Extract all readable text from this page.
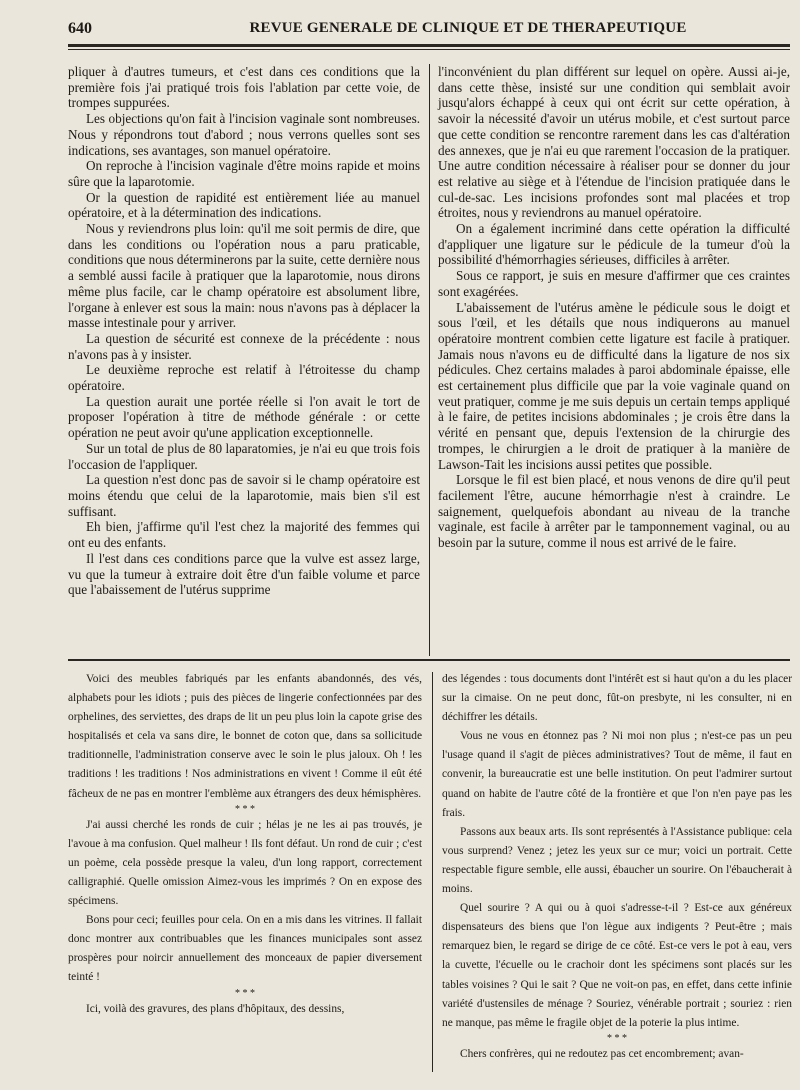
640	REVUE GENERALE DE CLINIQUE ET DE THERAPEUTIQUE

pliquer à d'autres tumeurs, et c'est dans ces conditions que la première fois j'ai pratiqué trois fois l'ablation par cette voie, de trompes suppurées.

Les objections qu'on fait à l'incision vaginale sont nombreuses. Nous y répondrons tout d'abord ; nous verrons quelles sont ses indications, ses avantages, son manuel opératoire.

On reproche à l'incision vaginale d'être moins rapide et moins sûre que la laparotomie.

Or la question de rapidité est entièrement liée au manuel opératoire, et à la détermination des indications.

Nous y reviendrons plus loin: qu'il me soit permis de dire, que dans les conditions ou l'opération nous a paru praticable, conditions que nous déterminerons par la suite, cette dernière nous a semblé aussi facile à pratiquer que la laparotomie, nous dirons même plus facile, car le champ opératoire est absolument libre, l'organe à enlever est sous la main: nous n'avons pas à déplacer la masse intestinale pour y arriver.

La question de sécurité est connexe de la précédente : nous n'avons pas à y insister.

Le deuxième reproche est relatif à l'étroitesse du champ opératoire.

La question aurait une portée réelle si l'on avait le tort de proposer l'opération à titre de méthode générale : or cette opération ne peut avoir qu'une application exceptionnelle.

Sur un total de plus de 80 laparatomies, je n'ai eu que trois fois l'occasion de l'appliquer.

La question n'est donc pas de savoir si le champ opératoire est moins étendu que celui de la laparotomie, mais bien s'il est suffisant.

Eh bien, j'affirme qu'il l'est chez la majorité des femmes qui ont eu des enfants.

Il l'est dans ces conditions parce que la vulve est assez large, vu que la tumeur à extraire doit être d'un faible volume et parce que l'abaissement de l'utérus supprime

l'inconvénient du plan différent sur lequel on opère. Aussi ai-je, dans cette thèse, insisté sur une condition qui semblait avoir jusqu'alors échappé à ceux qui ont écrit sur cette opération, à savoir la nécessité d'avoir un utérus mobile, et c'est surtout parce que cette condition se rencontre rarement dans les cas d'altération des annexes, que je n'ai eu que rarement l'occasion de la pratiquer. Une autre condition nécessaire à réaliser pour se donner du jour est relative au siège et à l'étendue de l'incision pratiquée dans le cul-de-sac. Les incisions profondes sont mal placées et trop étroites, nous y reviendrons au manuel opératoire.

On a également incriminé dans cette opération la difficulté d'appliquer une ligature sur le pédicule de la tumeur d'où la possibilité d'hémorrhagies sérieuses, difficiles à arrêter.

Sous ce rapport, je suis en mesure d'affirmer que ces craintes sont exagérées.

L'abaissement de l'utérus amène le pédicule sous le doigt et sous l'œil, et les détails que nous indiquerons au manuel opératoire montrent combien cette ligature est facile à pratiquer. Jamais nous n'avons eu de difficulté dans la ligature de nos six pédicules. Chez certains malades à paroi abdominale épaisse, elle est certainement plus difficile que par la voie vaginale quand on veut pratiquer, comme je me suis depuis un certain temps appliqué à le faire, de petites incisions abdominales ; je crois être dans la vérité en pensant que, depuis l'extension de la chirurgie des trompes, le chirurgien a le droit de pratiquer à la manière de Lawson-Tait les incisions aussi petites que possible.

Lorsque le fil est bien placé, et nous venons de dire qu'il peut facilement l'être, aucune hémorrhagie n'est à craindre. Le saignement, quelquefois abondant au niveau de la tranche vaginale, est facile à arrêter par le tamponnement vaginal, ou au besoin par la suture, comme il nous est arrivé de le faire.

Voici des meubles fabriqués par les enfants abandonnés, des vés, alphabets pour les idiots ; puis des pièces de lingerie confectionnées par des orphelines, des serviettes, des draps de lit un peu plus loin la capote grise des hospitalisés et cela va sans dire, le bonnet de coton que, dans sa sollicitude traditionnelle, l'administration conserve avec le soin le plus jaloux. Oh ! les traditions ! les traditions ! Nos administrations en vivent ! Comme il eût été fâcheux de ne pas en montrer l'emblème aux étrangers des deux hémisphères.

* * *

J'ai aussi cherché les ronds de cuir ; hélas je ne les ai pas trouvés, je l'avoue à ma confusion. Quel malheur ! Ils font défaut. Un rond de cuir ; c'est un poème, cela possède presque la valeu, d'un long rapport, correctement calligraphié. Quelle omission Aimez-vous les imprimés ? On en expose des spécimens.

Bons pour ceci; feuilles pour cela. On en a mis dans les vitrines. Il fallait donc montrer aux contribuables que les finances municipales sont assez prospères pour noircir annuellement des monceaux de papier diversement teinté !

* * *

Ici, voilà des gravures, des plans d'hôpitaux, des dessins,

des légendes : tous documents dont l'intérêt est si haut qu'on a du les placer sur la cimaise. On ne peut donc, fût-on presbyte, ni les consulter, ni en déchiffrer les détails.

Vous ne vous en étonnez pas ? Ni moi non plus ; n'est-ce pas un peu l'usage quand il s'agit de pièces administratives? Tout de même, il faut en convenir, la bureaucratie est une belle institution. On peut l'admirer surtout quand on habite de l'autre côté de la frontière et que l'on n'en paye pas les frais.

Passons aux beaux arts. Ils sont représentés à l'Assistance publique: cela vous surprend? Venez ; jetez les yeux sur ce mur; voici un portrait. Cette respectable figure semble, elle aussi, ébaucher un sourire. On l'ébaucherait à moins.

Quel sourire ? A qui ou à quoi s'adresse-t-il ? Est-ce aux généreux dispensateurs des biens que l'on lègue aux indigents ? Peut-être ; mais remarquez bien, le regard se dirige de ce côté. Est-ce vers le pot à eau, vers la cuvette, l'écuelle ou le crachoir dont les spécimens sont placés sur les tables voisines ? Qui le sait ? Que ne voit-on pas, en effet, dans cette infinie variété d'ustensiles de ménage ? Souriez, vénérable portrait ; souriez : rien ne manque, pas même le fragile objet de la poterie la plus intime.

* * *

Chers confrères, qui ne redoutez pas cet encombrement; avan-
